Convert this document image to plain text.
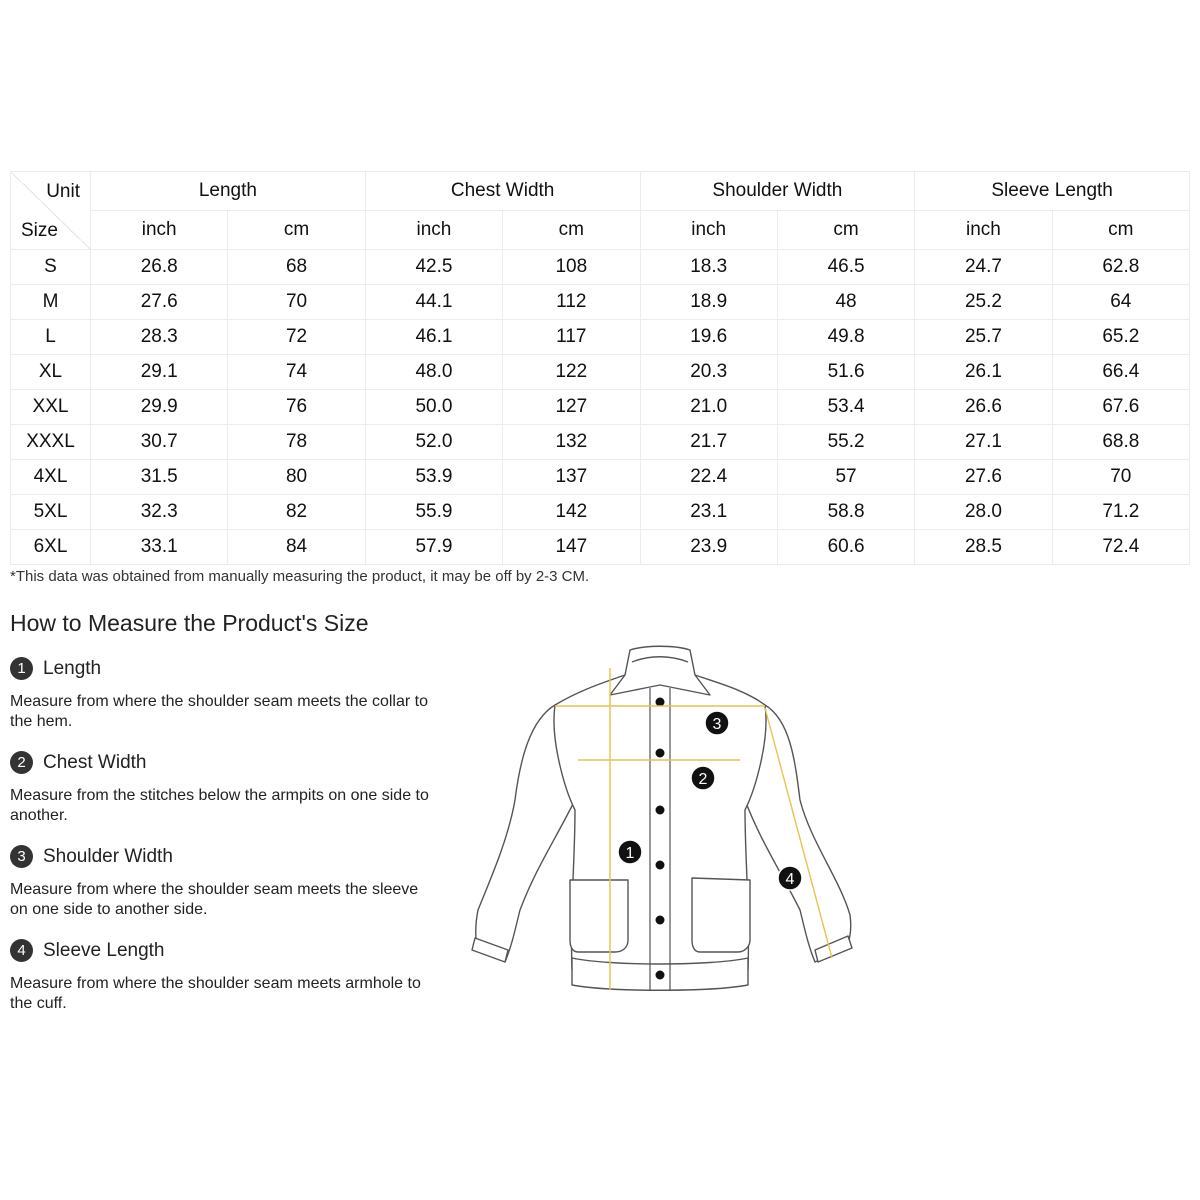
Unit
Size	Length		Chest Width		Shoulder Width		Sleeve Length	
	inch	cm	inch	cm	inch	cm	inch	cm
S	26.8	68	42.5	108	18.3	46.5	24.7	62.8
M	27.6	70	44.1	112	18.9	48	25.2	64
L	28.3	72	46.1	117	19.6	49.8	25.7	65.2
XL	29.1	74	48.0	122	20.3	51.6	26.1	66.4
XXL	29.9	76	50.0	127	21.0	53.4	26.6	67.6
XXXL	30.7	78	52.0	132	21.7	55.2	27.1	68.8
4XL	31.5	80	53.9	137	22.4	57	27.6	70
5XL	32.3	82	55.9	142	23.1	58.8	28.0	71.2
6XL	33.1	84	57.9	147	23.9	60.6	28.5	72.4
*This data was obtained from manually measuring the product, it may be off by 2-3 CM.
How to Measure the Product's Size
1 Length
Measure from where the shoulder seam meets the collar to the hem.
2 Chest Width
Measure from the stitches below the armpits on one side to another.
3 Shoulder Width
Measure from where the shoulder seam meets the sleeve on one side to another side.
4 Sleeve Length
Measure from where the shoulder seam meets armhole to the cuff.
1
2
3
4
